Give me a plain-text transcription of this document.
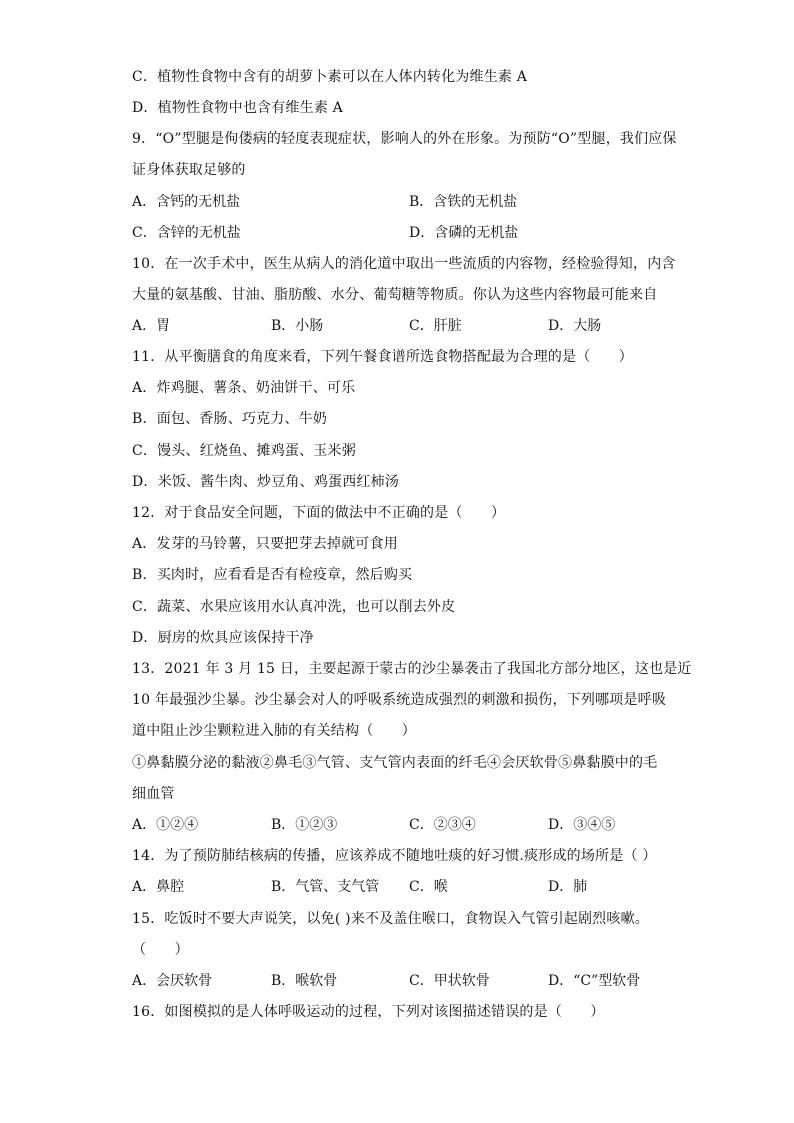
C．植物性食物中含有的胡萝卜素可以在人体内转化为维生素 A
D．植物性食物中也含有维生素 A
9．“O”型腿是佝偻病的轻度表现症状，影响人的外在形象。为预防“O”型腿，我们应保
证身体获取足够的
A．含钙的无机盐	B．含铁的无机盐
C．含锌的无机盐	D．含磷的无机盐
10．在一次手术中，医生从病人的消化道中取出一些流质的内容物，经检验得知，内含
大量的氨基酸、甘油、脂肪酸、水分、葡萄糖等物质。你认为这些内容物最可能来自
A．胃	B．小肠	C．肝脏	D．大肠
11．从平衡膳食的角度来看，下列午餐食谱所选食物搭配最为合理的是（　　）
A．炸鸡腿、薯条、奶油饼干、可乐
B．面包、香肠、巧克力、牛奶
C．馒头、红烧鱼、摊鸡蛋、玉米粥
D．米饭、酱牛肉、炒豆角、鸡蛋西红柿汤
12．对于食品安全问题，下面的做法中不正确的是（　　）
A．发芽的马铃薯，只要把芽去掉就可食用
B．买肉时，应看看是否有检疫章，然后购买
C．蔬菜、水果应该用水认真冲洗，也可以削去外皮
D．厨房的炊具应该保持干净
13．2021 年 3 月 15 日，主要起源于蒙古的沙尘暴袭击了我国北方部分地区，这也是近
10 年最强沙尘暴。沙尘暴会对人的呼吸系统造成强烈的刺激和损伤，下列哪项是呼吸
道中阻止沙尘颗粒进入肺的有关结构（　　）
①鼻黏膜分泌的黏液②鼻毛③气管、支气管内表面的纤毛④会厌软骨⑤鼻黏膜中的毛
细血管
A．①②④	B．①②③	C．②③④	D．③④⑤
14．为了预防肺结核病的传播，应该养成不随地吐痰的好习惯.痰形成的场所是（ ）
A．鼻腔	B．气管、支气管 C．喉	D．肺
15．吃饭时不要大声说笑，以免( )来不及盖住喉口，食物误入气管引起剧烈咳嗽。
（　　）
A．会厌软骨	B．喉软骨	C．甲状软骨	D．“C”型软骨
16．如图模拟的是人体呼吸运动的过程，下列对该图描述错误的是（　　）
